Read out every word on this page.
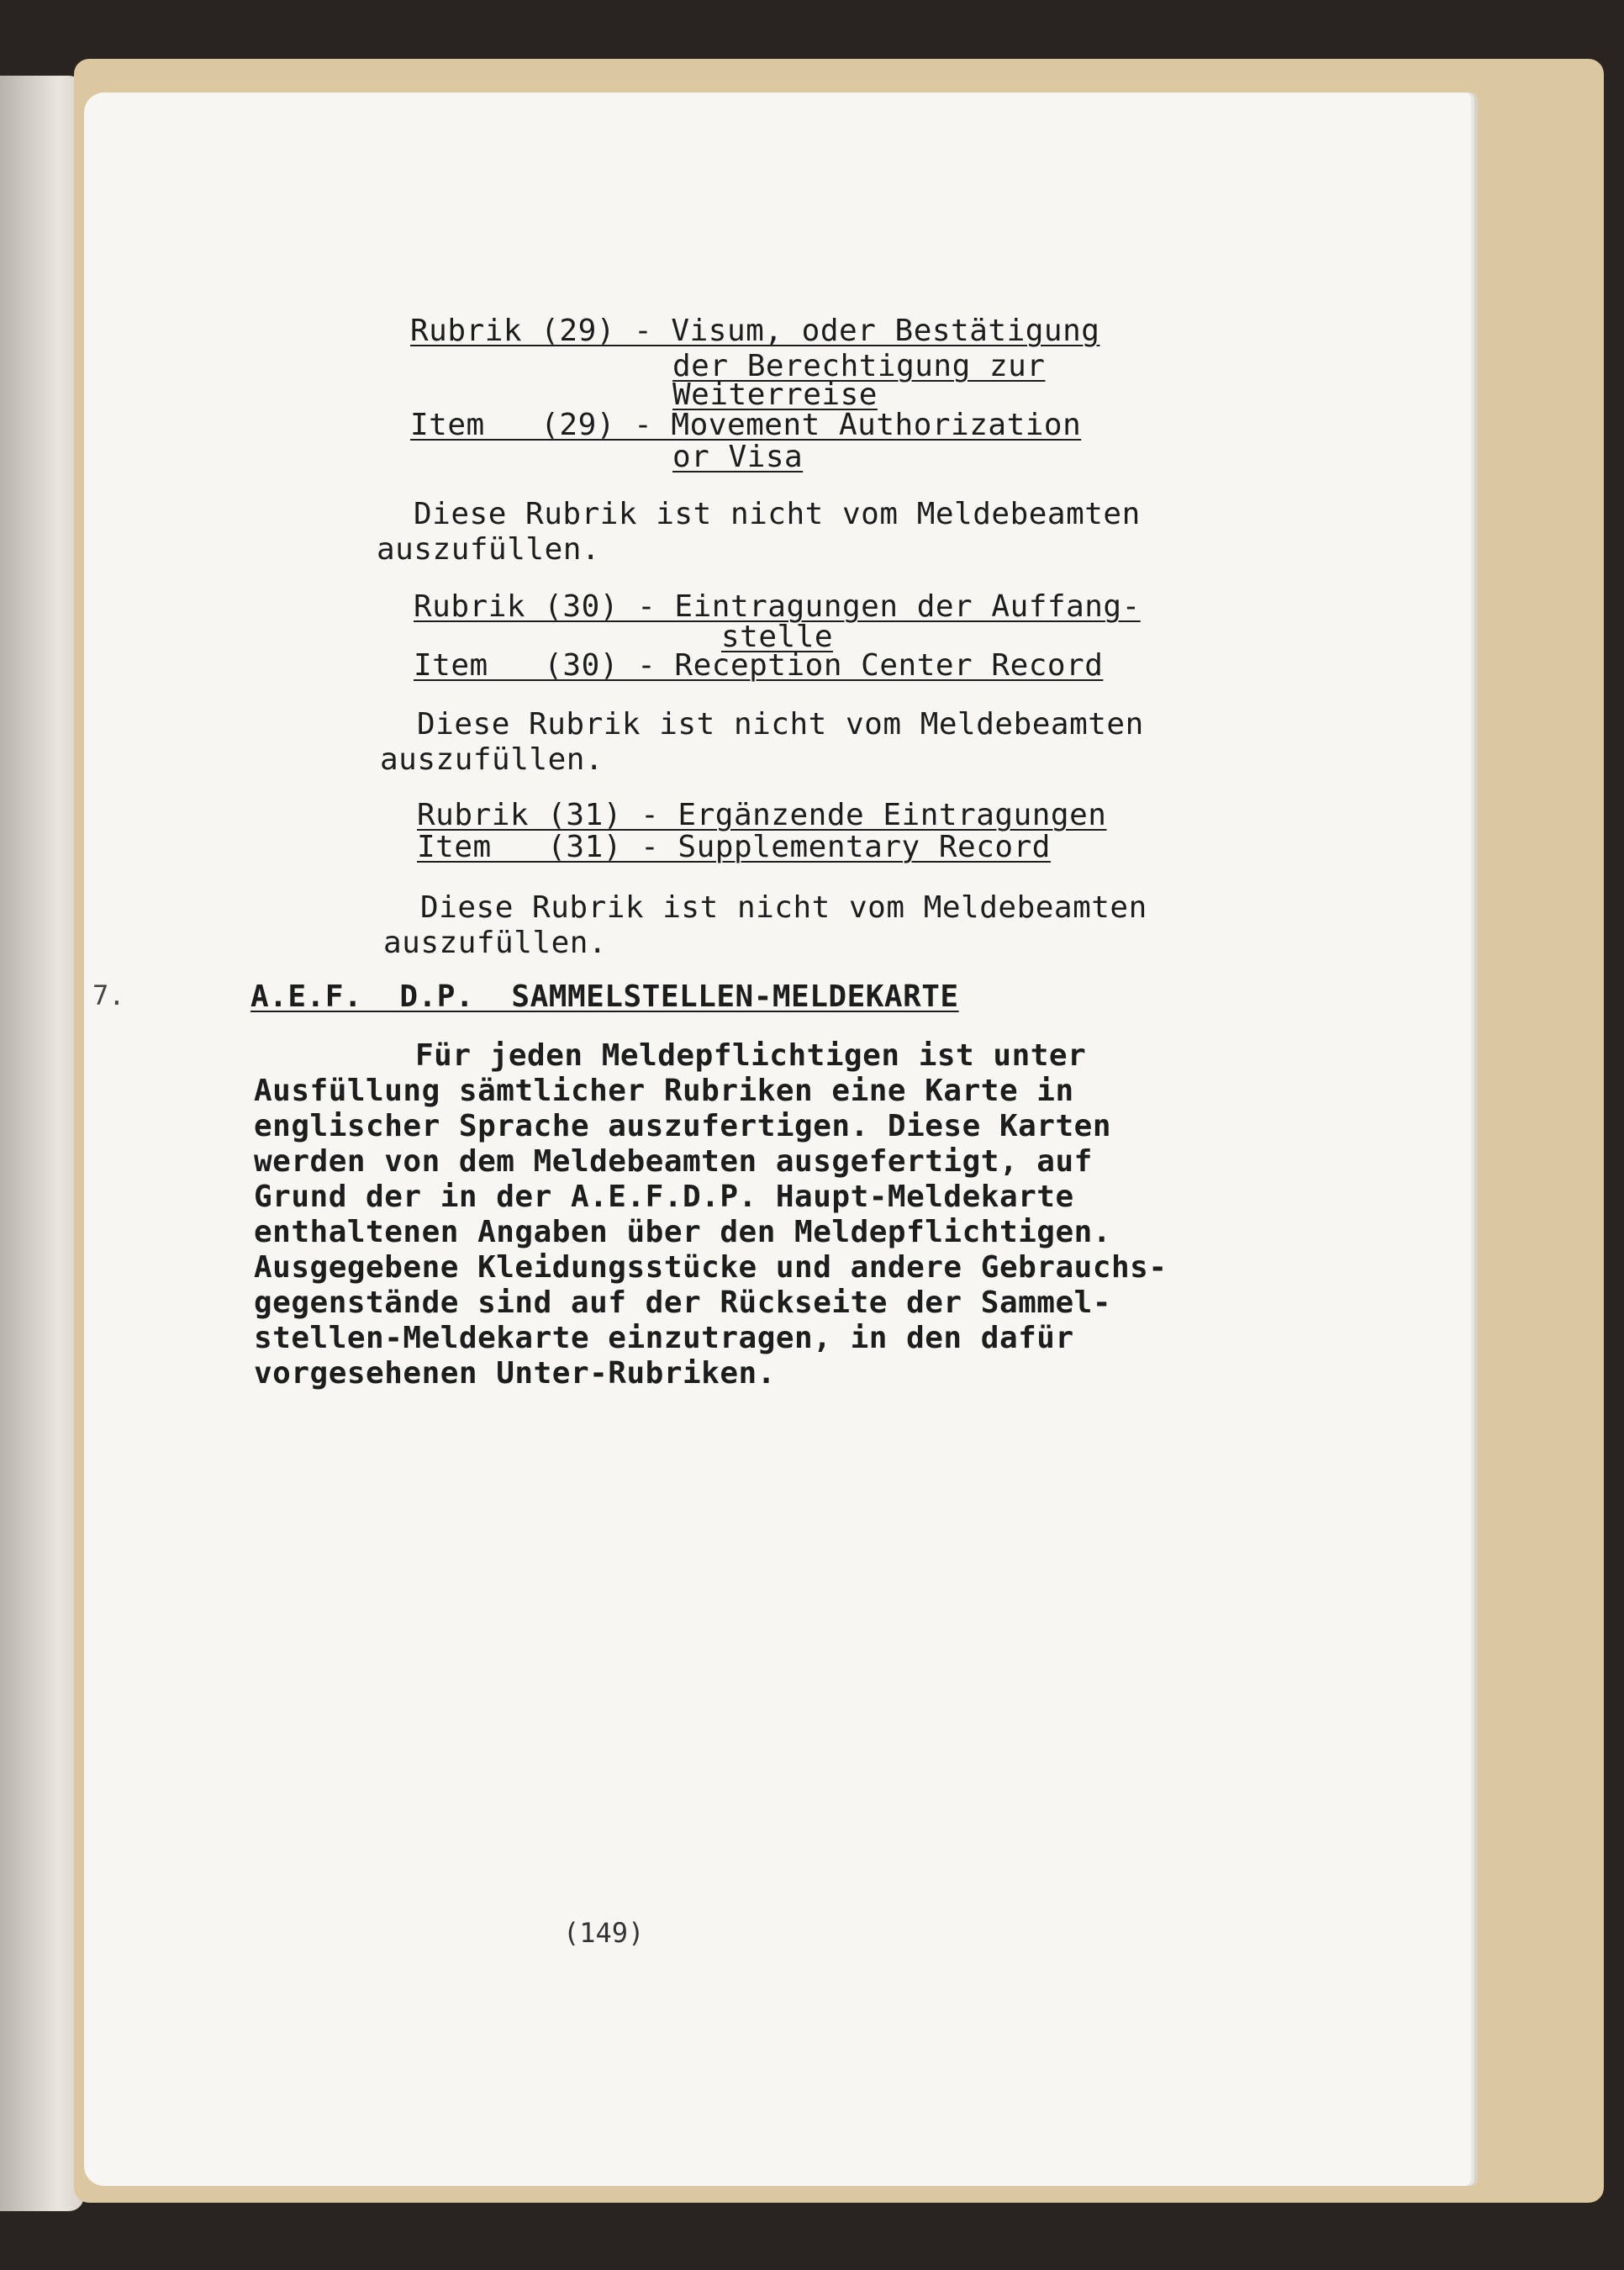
Rubrik (29) - Visum, oder Bestätigung
der Berechtigung zur
Weiterreise
Item   (29) - Movement Authorization
or Visa
Diese Rubrik ist nicht vom Meldebeamten
auszufüllen.
Rubrik (30) - Eintragungen der Auffang-
stelle
Item   (30) - Reception Center Record
Diese Rubrik ist nicht vom Meldebeamten
auszufüllen.
Rubrik (31) - Ergänzende Eintragungen
Item   (31) - Supplementary Record
Diese Rubrik ist nicht vom Meldebeamten
auszufüllen.
7.	A.E.F.  D.P.  SAMMELSTELLEN-MELDEKARTE
Für jeden Meldepflichtigen ist unter
Ausfüllung sämtlicher Rubriken eine Karte in
englischer Sprache auszufertigen. Diese Karten
werden von dem Meldebeamten ausgefertigt, auf
Grund der in der A.E.F.D.P. Haupt-Meldekarte
enthaltenen Angaben über den Meldepflichtigen.
Ausgegebene Kleidungsstücke und andere Gebrauchs-
gegenstände sind auf der Rückseite der Sammel-
stellen-Meldekarte einzutragen, in den dafür
vorgesehenen Unter-Rubriken.
(149)
